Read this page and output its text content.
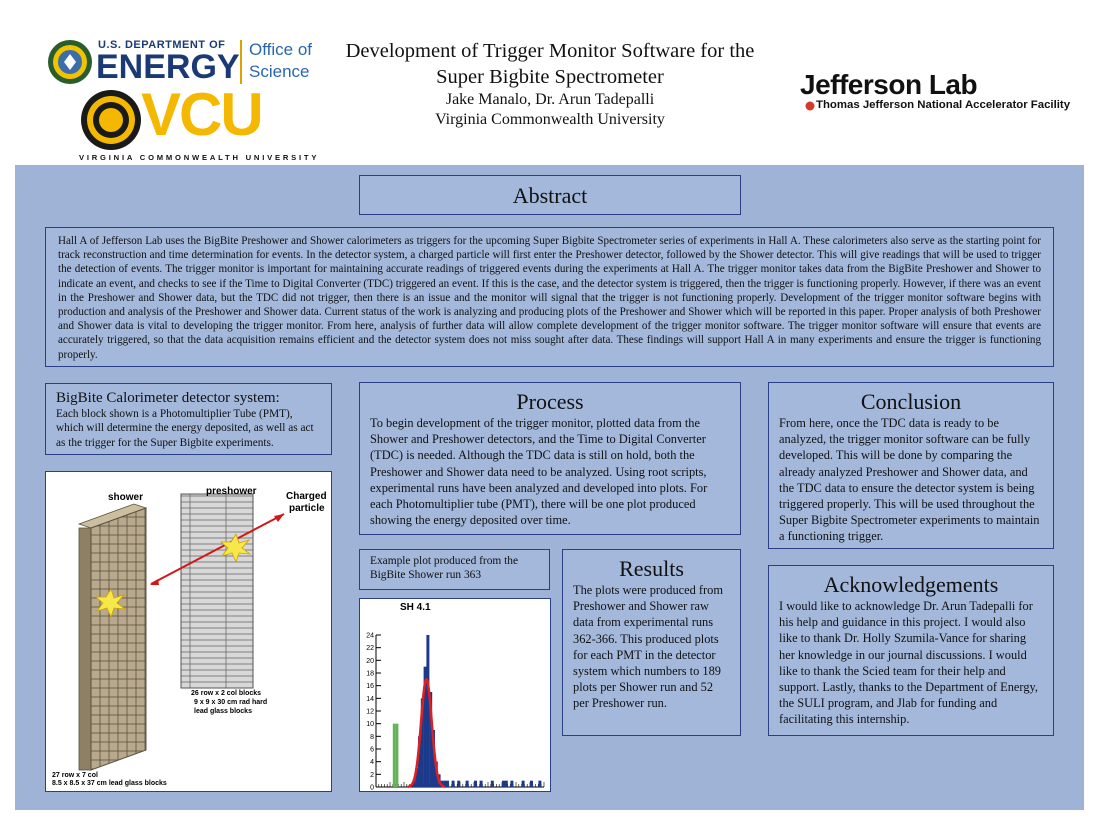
U.S. DEPARTMENT OF
ENERGY Office of
Science
VCU
VIRGINIA COMMONWEALTH UNIVERSITY
Development of Trigger Monitor Software for the
Super Bigbite Spectrometer
Jake Manalo, Dr. Arun Tadepalli
Virginia Commonwealth University
Jefferson Lab
Thomas Jefferson National Accelerator Facility
Abstract
Hall A of Jefferson Lab uses the BigBite Preshower and Shower calorimeters as triggers for the upcoming Super Bigbite Spectrometer series of experiments in Hall A. These calorimeters also serve as the starting point for track reconstruction and time determination for events. In the detector system, a charged particle will first enter the Preshower detector, followed by the Shower detector. This will give readings that will be used to trigger the detection of events. The trigger monitor is important for maintaining accurate readings of triggered events during the experiments at Hall A. The trigger monitor takes data from the BigBite Preshower and Shower to indicate an event, and checks to see if the Time to Digital Converter (TDC) triggered an event. If this is the case, and the detector system is triggered, then the trigger is functioning properly. However, if there was an event in the Preshower and Shower data, but the TDC did not trigger, then there is an issue and the monitor will signal that the trigger is not functioning properly. Development of the trigger monitor software begins with production and analysis of the Preshower and Shower data. Current status of the work is analyzing and producing plots of the Preshower and Shower which will be reported in this paper. Proper analysis of both Preshower and Shower data is vital to developing the trigger monitor. From here, analysis of further data will allow complete development of the trigger monitor software. The trigger monitor software will ensure that events are accurately triggered, so that the data acquisition remains efficient and the detector system does not miss sought after data. These findings will support Hall A in many experiments and ensure the trigger is functioning properly.
BigBite Calorimeter detector system:
Each block shown is a Photomultiplier Tube (PMT), which will determine the energy deposited, as well as act as the trigger for the Super Bigbite experiments.
shower
preshower	Charged
particle
26 row x 2 col blocks
9 x 9 x 30 cm rad hard
lead glass blocks
27 row x 7 col
8.5 x 8.5 x 37 cm lead glass blocks
Process
To begin development of the trigger monitor, plotted data from the Shower and Preshower detectors, and the Time to Digital Converter (TDC) is needed. Although the TDC data is still on hold, both the Preshower and Shower data need to be analyzed. Using root scripts, experimental runs have been analyzed and developed into plots. For each Photomultiplier tube (PMT), there will be one plot produced showing the energy deposited over time.
Example plot produced from the BigBite Shower run 363
SH 4.1
0
2
4
6
8
10
12
14
16
18
20
22
24
Results
The plots were produced from Preshower and Shower raw data from experimental runs 362-366. This produced plots for each PMT in the detector system which numbers to 189 plots per Shower run and 52 per Preshower run.
Conclusion
From here, once the TDC data is ready to be analyzed, the trigger monitor software can be fully developed. This will be done by comparing the already analyzed Preshower and Shower data, and the TDC data to ensure the detector system is being triggered properly. This will be used throughout the Super Bigbite Spectrometer experiments to maintain a functioning trigger.
Acknowledgements
I would like to acknowledge Dr. Arun Tadepalli for his help and guidance in this project. I would also like to thank Dr. Holly Szumila-Vance for sharing her knowledge in our journal discussions. I would like to thank the Scied team for their help and support. Lastly, thanks to the Department of Energy, the SULI program, and Jlab for funding and facilitating this internship.
